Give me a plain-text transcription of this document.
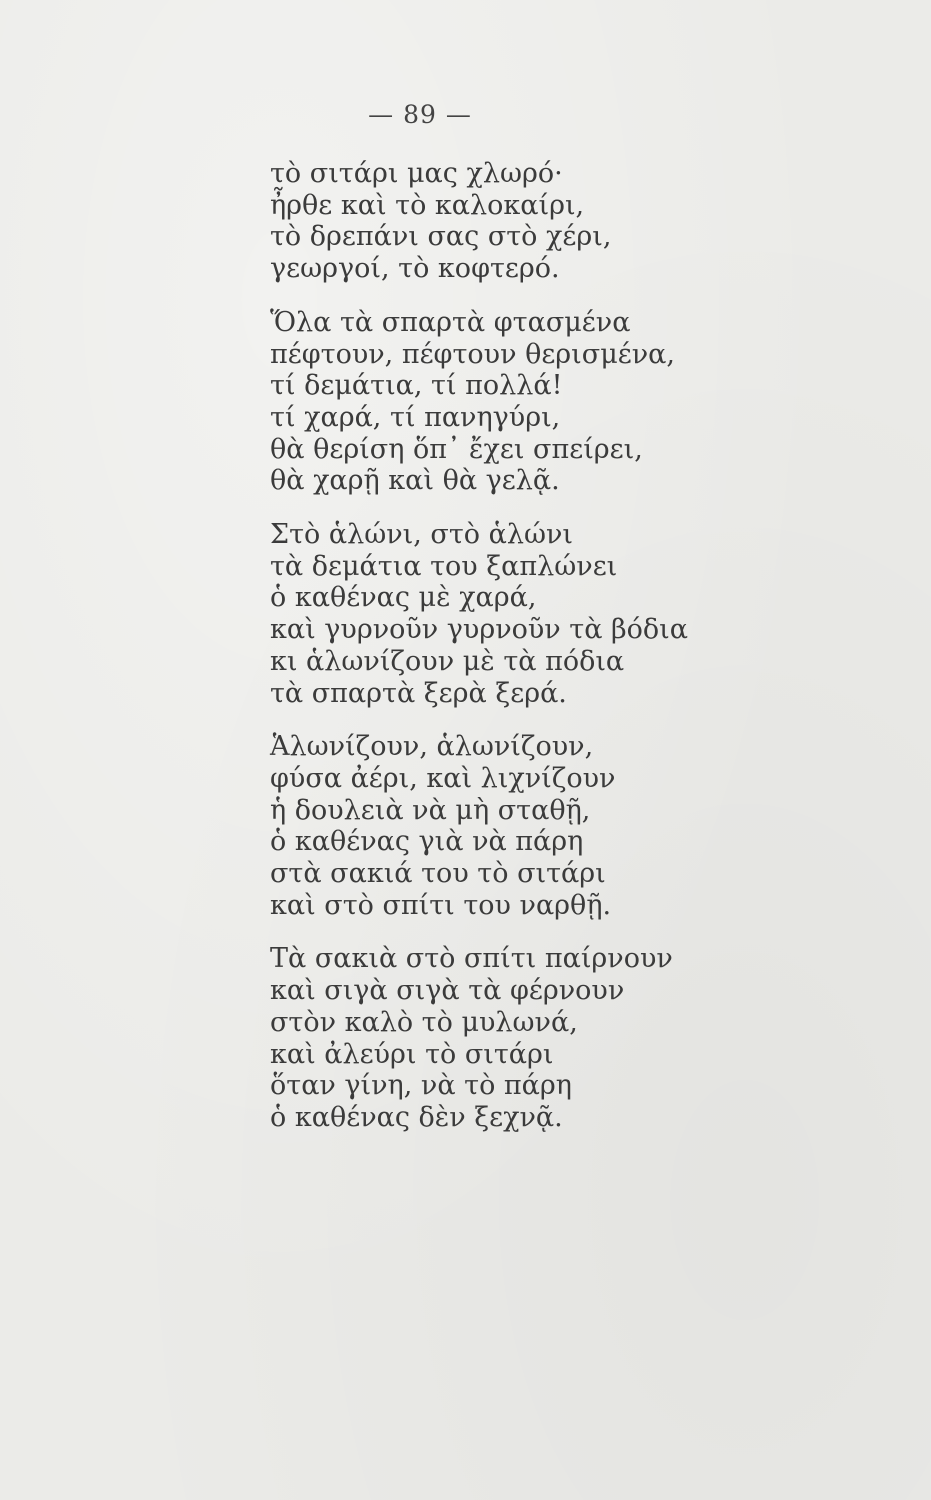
— 89 —
τὸ σιτάρι μας χλωρό·
ἦρθε καὶ τὸ καλοκαίρι,
τὸ δρεπάνι σας στὸ χέρι,
γεωργοί, τὸ κοφτερό.
Ὅλα τὰ σπαρτὰ φτασμένα
πέφτουν, πέφτουν θερισμένα,
τί δεμάτια, τί πολλά!
τί χαρά, τί πανηγύρι,
θὰ θερίση ὅπ᾽ ἔχει σπείρει,
θὰ χαρῇ καὶ θὰ γελᾷ.
Στὸ ἁλώνι, στὸ ἁλώνι
τὰ δεμάτια του ξαπλώνει
ὁ καθένας μὲ χαρά,
καὶ γυρνοῦν γυρνοῦν τὰ βόδια
κι ἁλωνίζουν μὲ τὰ πόδια
τὰ σπαρτὰ ξερὰ ξερά.
Ἁλωνίζουν, ἁλωνίζουν,
φύσα ἀέρι, καὶ λιχνίζουν
ἡ δουλειὰ νὰ μὴ σταθῇ,
ὁ καθένας γιὰ νὰ πάρη
στὰ σακιά του τὸ σιτάρι
καὶ στὸ σπίτι του ναρθῇ.
Τὰ σακιὰ στὸ σπίτι παίρνουν
καὶ σιγὰ σιγὰ τὰ φέρνουν
στὸν καλὸ τὸ μυλωνά,
καὶ ἀλεύρι τὸ σιτάρι
ὅταν γίνη, νὰ τὸ πάρη
ὁ καθένας δὲν ξεχνᾷ.
